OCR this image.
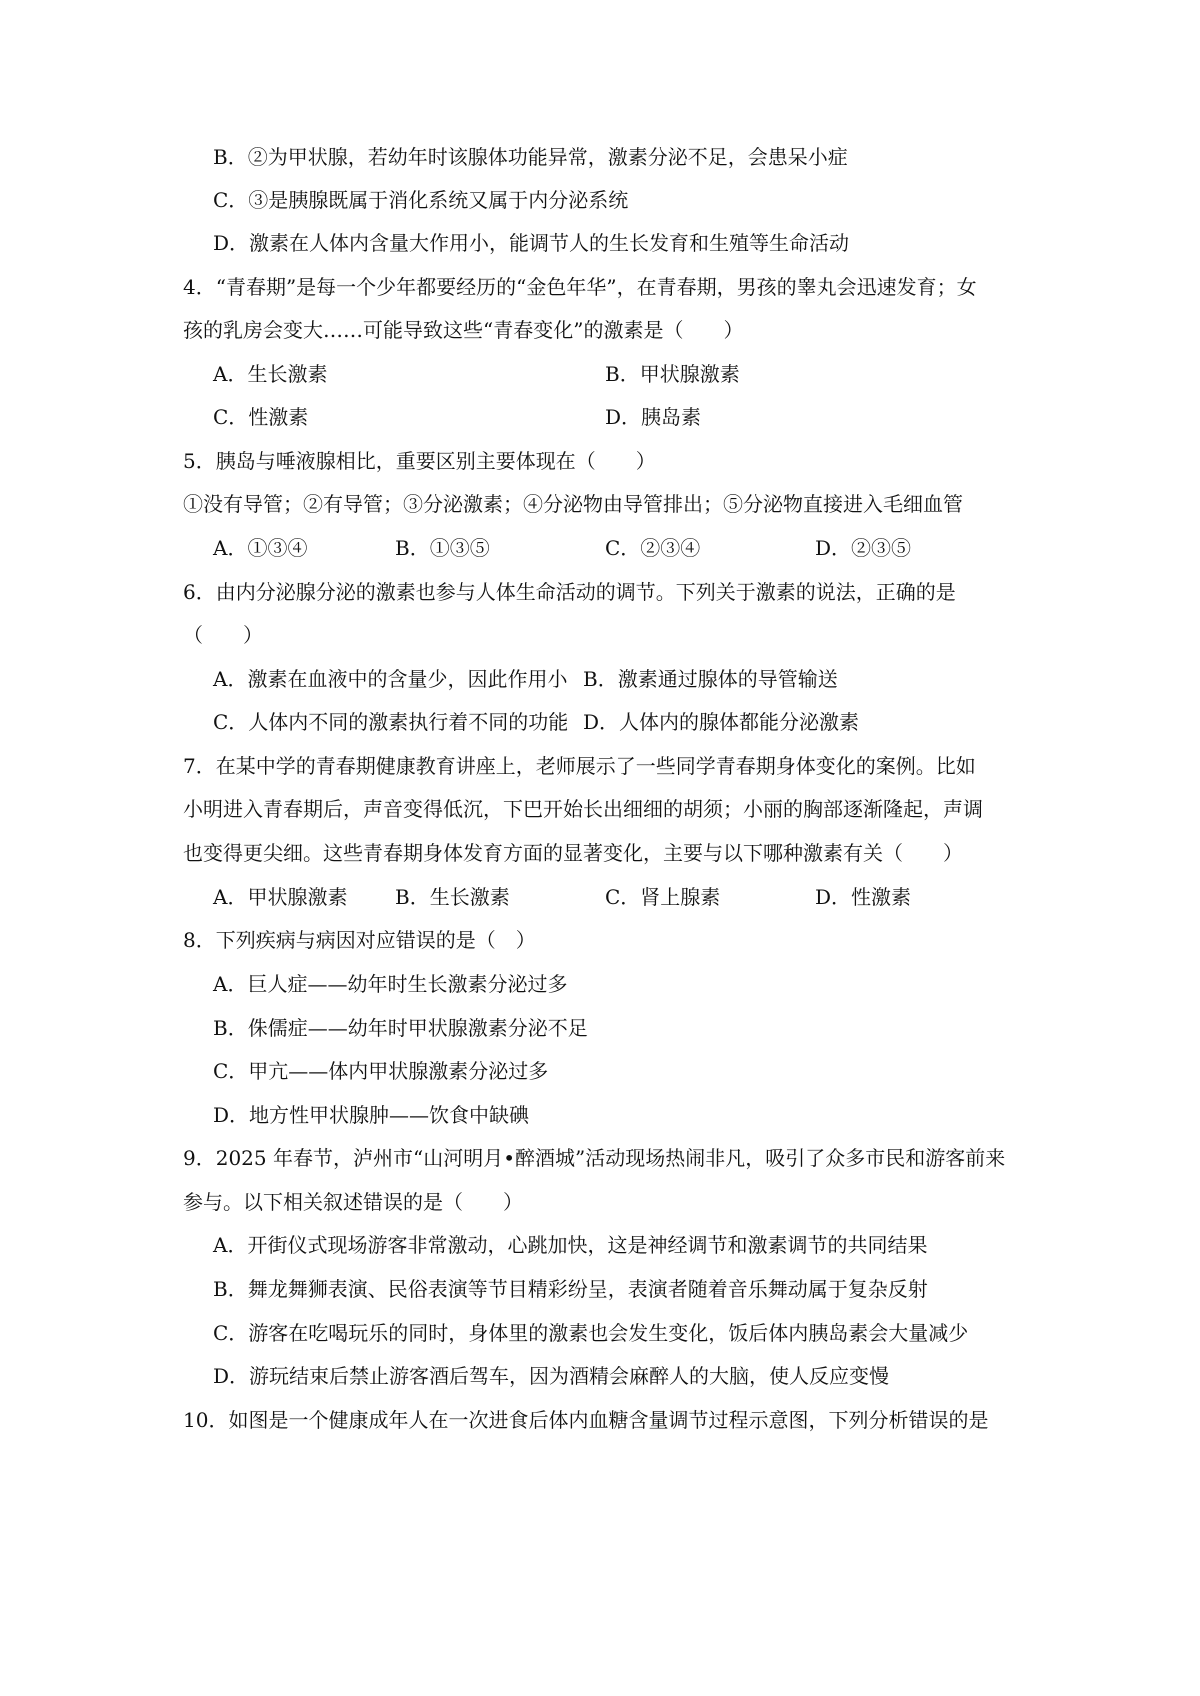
B．②为甲状腺，若幼年时该腺体功能异常，激素分泌不足，会患呆小症
C．③是胰腺既属于消化系统又属于内分泌系统
D．激素在人体内含量大作用小，能调节人的生长发育和生殖等生命活动
4．“青春期”是每一个少年都要经历的“金色年华”，在青春期，男孩的睾丸会迅速发育；女
孩的乳房会变大……可能导致这些“青春变化”的激素是（　　）
A．生长激素	B．甲状腺激素
C．性激素	D．胰岛素
5．胰岛与唾液腺相比，重要区别主要体现在（　　）
①没有导管；②有导管；③分泌激素；④分泌物由导管排出；⑤分泌物直接进入毛细血管
A．①③④	B．①③⑤	C．②③④	D．②③⑤
6．由内分泌腺分泌的激素也参与人体生命活动的调节。下列关于激素的说法，正确的是
（　　）
A．激素在血液中的含量少，因此作用小 B．激素通过腺体的导管输送
C．人体内不同的激素执行着不同的功能 D．人体内的腺体都能分泌激素
7．在某中学的青春期健康教育讲座上，老师展示了一些同学青春期身体变化的案例。比如
小明进入青春期后，声音变得低沉，下巴开始长出细细的胡须；小丽的胸部逐渐隆起，声调
也变得更尖细。这些青春期身体发育方面的显著变化，主要与以下哪种激素有关（　　）
A．甲状腺激素 B．生长激素	C．肾上腺素	D．性激素
8．下列疾病与病因对应错误的是（　）
A．巨人症——幼年时生长激素分泌过多
B．侏儒症——幼年时甲状腺激素分泌不足
C．甲亢——体内甲状腺激素分泌过多
D．地方性甲状腺肿——饮食中缺碘
9．2025 年春节，泸州市“山河明月•醉酒城”活动现场热闹非凡，吸引了众多市民和游客前来
参与。以下相关叙述错误的是（　　）
A．开街仪式现场游客非常激动，心跳加快，这是神经调节和激素调节的共同结果
B．舞龙舞狮表演、民俗表演等节目精彩纷呈，表演者随着音乐舞动属于复杂反射
C．游客在吃喝玩乐的同时，身体里的激素也会发生变化，饭后体内胰岛素会大量减少
D．游玩结束后禁止游客酒后驾车，因为酒精会麻醉人的大脑，使人反应变慢
10．如图是一个健康成年人在一次进食后体内血糖含量调节过程示意图，下列分析错误的是
